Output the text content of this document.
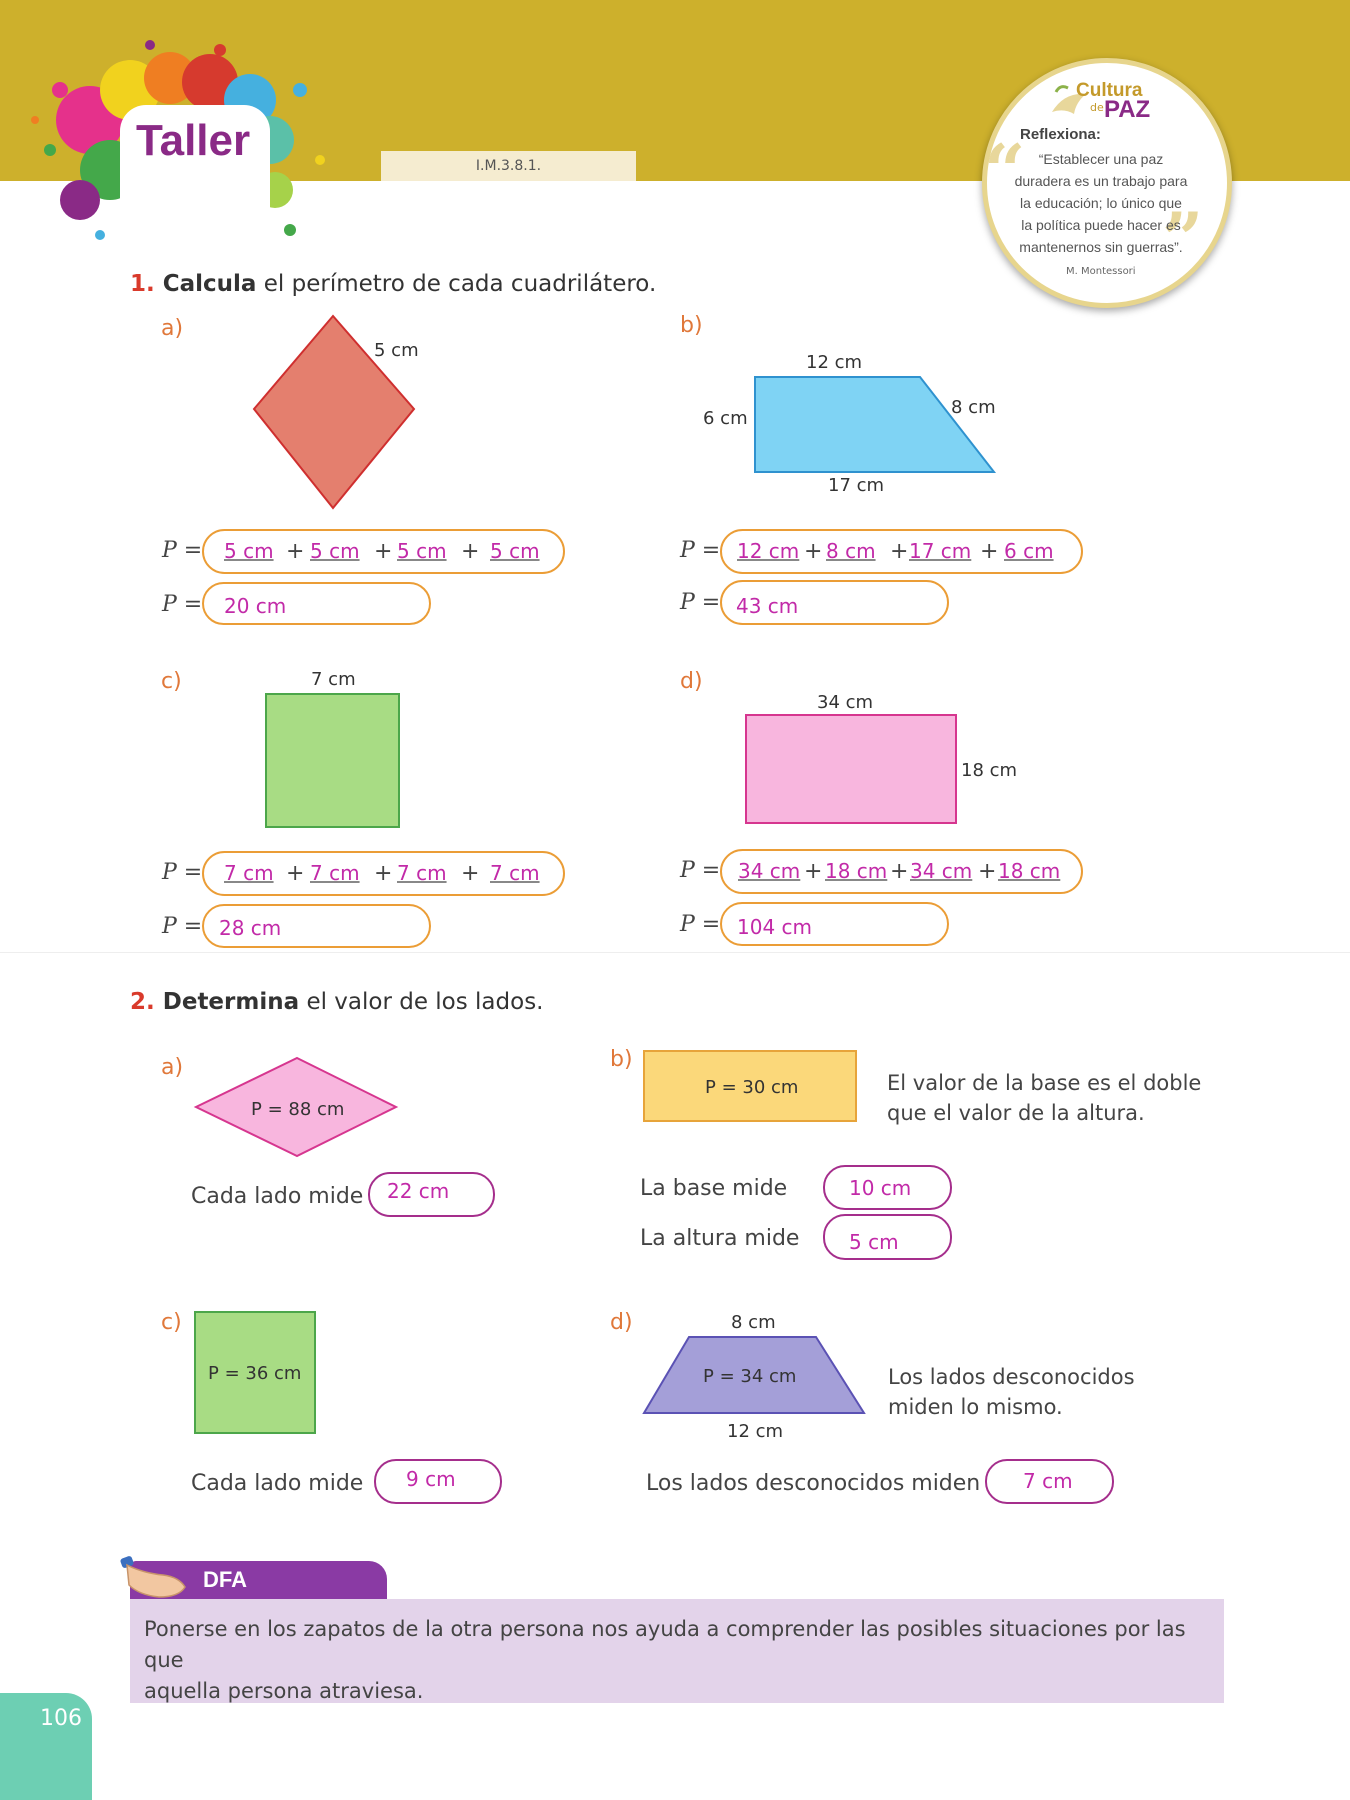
Taller
I.M.3.8.1.
Cultura
de PAZ
Reflexiona:
“
”
“Establecer una paz
duradera es un trabajo para
la educación; lo único que
la política puede hacer es
mantenernos sin guerras”.
M. Montessori
1. Calcula el perímetro de cada cuadrilátero.
a)
5 cm
P = 5 cm + 5 cm + 5 cm + 5 cm
P = 20 cm
b)
12 cm
6 cm
8 cm
17 cm
P = 12 cm + 8 cm + 17 cm + 6 cm
P = 43 cm
c)	7 cm
P = 7 cm + 7 cm + 7 cm + 7 cm
P = 28 cm
d)
34 cm
18 cm
P = 34 cm + 18 cm + 34 cm + 18 cm
P = 104 cm
2. Determina el valor de los lados.
a)
P = 88 cm
Cada lado mide 22 cm
b)
P = 30 cm	El valor de la base es el doble
que el valor de la altura.
La base mide	10 cm
La altura mide 5 cm
c)
P = 36 cm
Cada lado mide 9 cm
d)	8 cm
P = 34 cm
12 cm
Los lados desconocidos
miden lo mismo.
Los lados desconocidos miden 7 cm
DFA
Ponerse en los zapatos de la otra persona nos ayuda a comprender las posibles situaciones por las que
aquella persona atraviesa.
106
